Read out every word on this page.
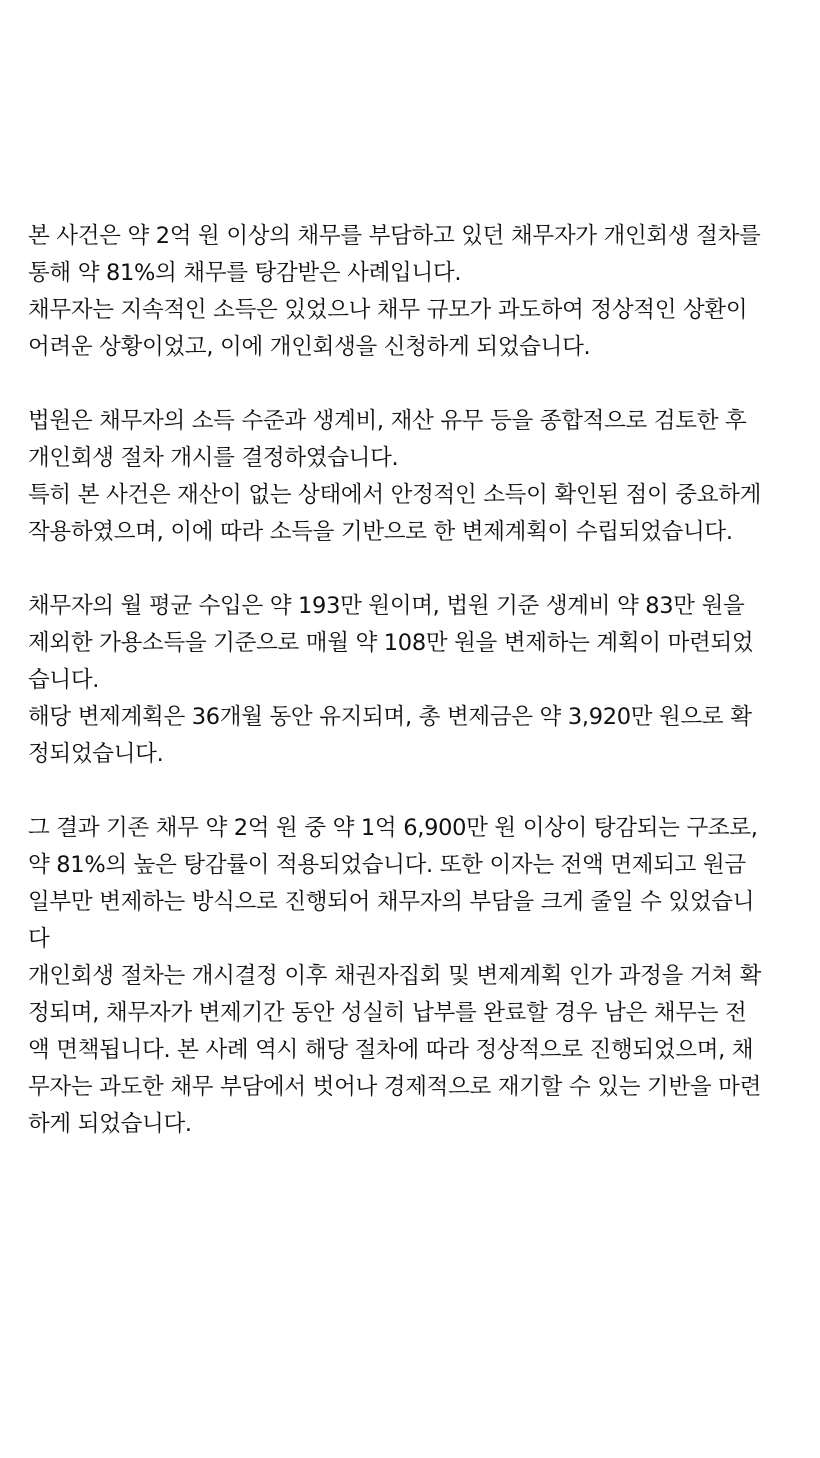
본 사건은 약 2억 원 이상의 채무를 부담하고 있던 채무자가 개인회생 절차를
통해 약 81%의 채무를 탕감받은 사례입니다.
채무자는 지속적인 소득은 있었으나 채무 규모가 과도하여 정상적인 상환이
어려운 상황이었고, 이에 개인회생을 신청하게 되었습니다.
법원은 채무자의 소득 수준과 생계비, 재산 유무 등을 종합적으로 검토한 후
개인회생 절차 개시를 결정하였습니다.
특히 본 사건은 재산이 없는 상태에서 안정적인 소득이 확인된 점이 중요하게
작용하였으며, 이에 따라 소득을 기반으로 한 변제계획이 수립되었습니다.
채무자의 월 평균 수입은 약 193만 원이며, 법원 기준 생계비 약 83만 원을
제외한 가용소득을 기준으로 매월 약 108만 원을 변제하는 계획이 마련되었
습니다.
해당 변제계획은 36개월 동안 유지되며, 총 변제금은 약 3,920만 원으로 확
정되었습니다.
그 결과 기존 채무 약 2억 원 중 약 1억 6,900만 원 이상이 탕감되는 구조로,
약 81%의 높은 탕감률이 적용되었습니다. 또한 이자는 전액 면제되고 원금
일부만 변제하는 방식으로 진행되어 채무자의 부담을 크게 줄일 수 있었습니
다
개인회생 절차는 개시결정 이후 채권자집회 및 변제계획 인가 과정을 거쳐 확
정되며, 채무자가 변제기간 동안 성실히 납부를 완료할 경우 남은 채무는 전
액 면책됩니다. 본 사례 역시 해당 절차에 따라 정상적으로 진행되었으며, 채
무자는 과도한 채무 부담에서 벗어나 경제적으로 재기할 수 있는 기반을 마련
하게 되었습니다.
